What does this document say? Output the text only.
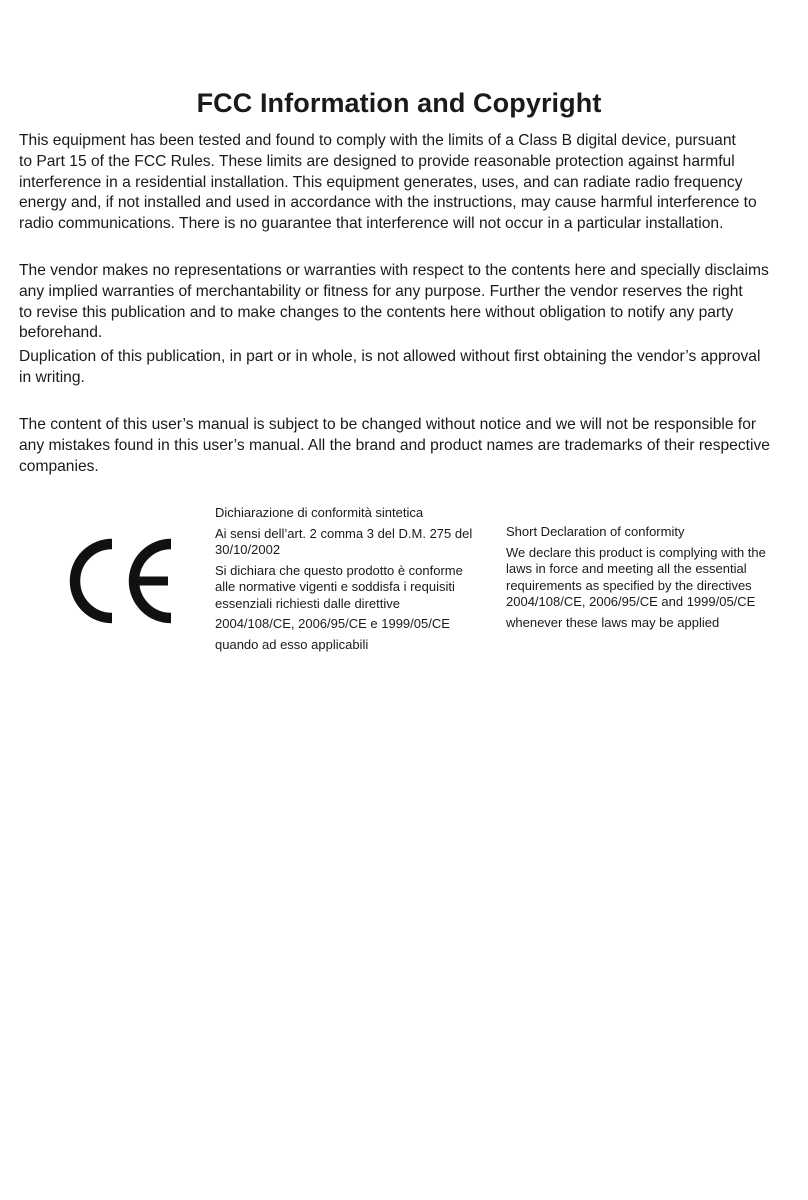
FCC Information and Copyright

This equipment has been tested and found to comply with the limits of a Class B digital device, pursuant
to Part 15 of the FCC Rules. These limits are designed to provide reasonable protection against harmful
interference in a residential installation. This equipment generates, uses, and can radiate radio frequency
energy and, if not installed and used in accordance with the instructions, may cause harmful interference to
radio communications. There is no guarantee that interference will not occur in a particular installation.

The vendor makes no representations or warranties with respect to the contents here and specially disclaims
any implied warranties of merchantability or fitness for any purpose. Further the vendor reserves the right
to revise this publication and to make changes to the contents here without obligation to notify any party
beforehand.

Duplication of this publication, in part or in whole, is not allowed without first obtaining the vendor’s approval
in writing.

The content of this user’s manual is subject to be changed without notice and we will not be responsible for
any mistakes found in this user’s manual. All the brand and product names are trademarks of their respective
companies.

Dichiarazione di conformità sintetica
Ai sensi dell’art. 2 comma 3 del D.M. 275 del
30/10/2002
Si dichiara che questo prodotto è conforme
alle normative vigenti e soddisfa i requisiti
essenziali richiesti dalle direttive
2004/108/CE, 2006/95/CE e 1999/05/CE
quando ad esso applicabili
Short Declaration of conformity
We declare this product is complying with the
laws in force and meeting all the essential
requirements as specified by the directives
2004/108/CE, 2006/95/CE and 1999/05/CE
whenever these laws may be applied
